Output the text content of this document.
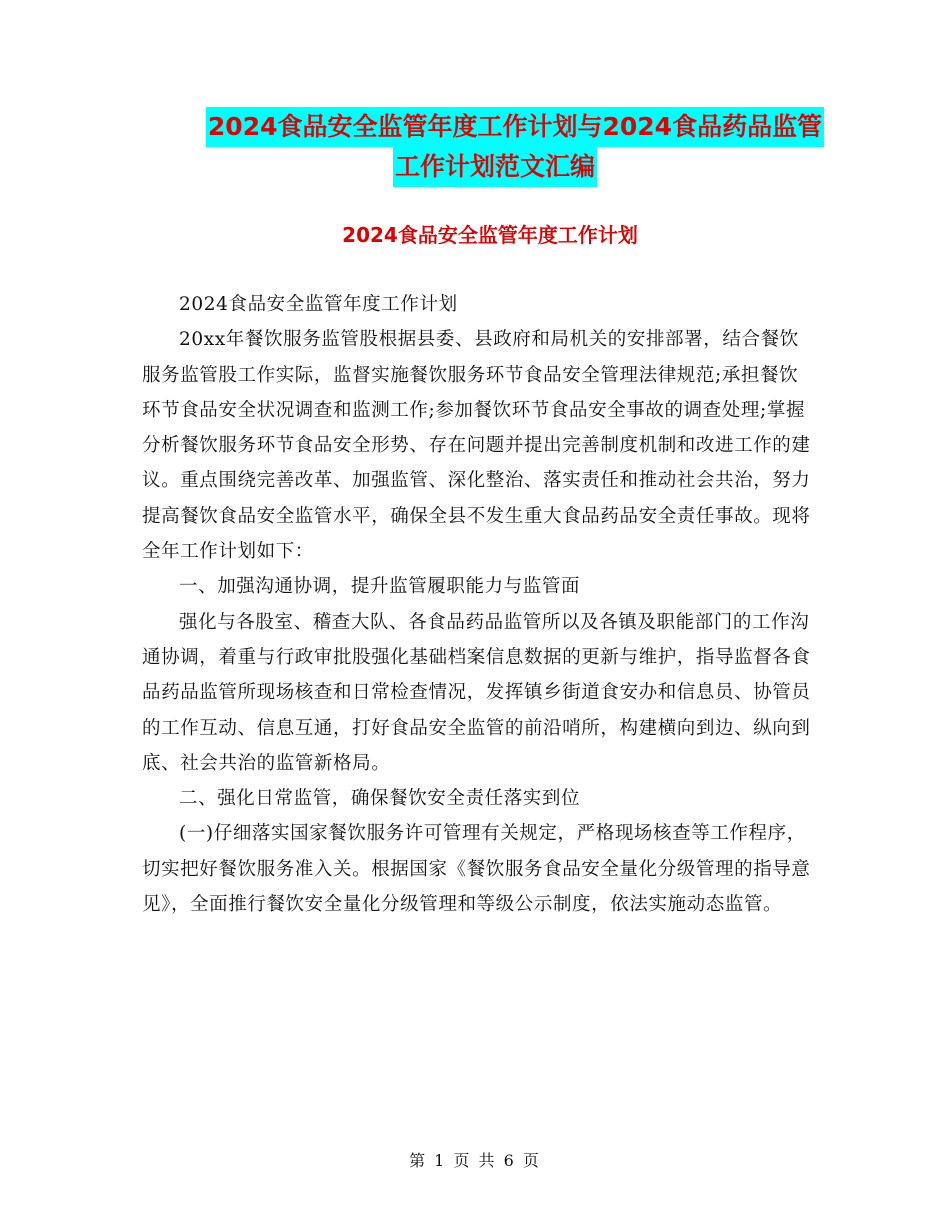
2024食品安全监管年度工作计划与2024食品药品监管
工作计划范文汇编
2024食品安全监管年度工作计划

2024食品安全监管年度工作计划

20xx年餐饮服务监管股根据县委、县政府和局机关的安排部署，结合餐饮服务监管股工作实际，监督实施餐饮服务环节食品安全管理法律规范;承担餐饮环节食品安全状况调查和监测工作;参加餐饮环节食品安全事故的调查处理;掌握分析餐饮服务环节食品安全形势、存在问题并提出完善制度机制和改进工作的建议。重点围绕完善改革、加强监管、深化整治、落实责任和推动社会共治，努力提高餐饮食品安全监管水平，确保全县不发生重大食品药品安全责任事故。现将全年工作计划如下：

一、加强沟通协调，提升监管履职能力与监管面

强化与各股室、稽查大队、各食品药品监管所以及各镇及职能部门的工作沟通协调，着重与行政审批股强化基础档案信息数据的更新与维护，指导监督各食品药品监管所现场核查和日常检查情况，发挥镇乡街道食安办和信息员、协管员的工作互动、信息互通，打好食品安全监管的前沿哨所，构建横向到边、纵向到底、社会共治的监管新格局。

二、强化日常监管，确保餐饮安全责任落实到位

(一)仔细落实国家餐饮服务许可管理有关规定，严格现场核查等工作程序，切实把好餐饮服务准入关。根据国家《餐饮服务食品安全量化分级管理的指导意见》，全面推行餐饮安全量化分级管理和等级公示制度，依法实施动态监管。

第 1 页 共 6 页
